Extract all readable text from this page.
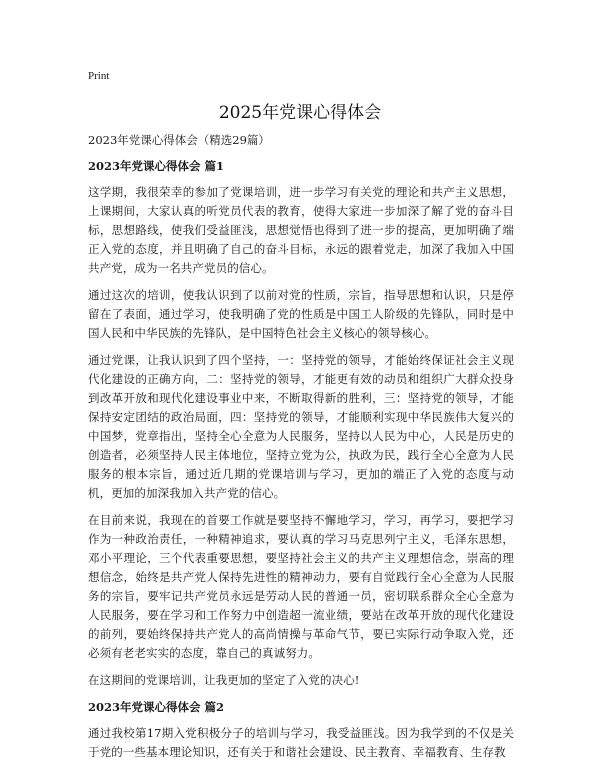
Print
2025年党课心得体会

2023年党课心得体会（精选29篇）

2023年党课心得体会 篇1

这学期，我很荣幸的参加了党课培训，进一步学习有关党的理论和共产主义思想，上课期间，大家认真的听党员代表的教育，使得大家进一步加深了解了党的奋斗目标，思想路线，使我们受益匪浅，思想觉悟也得到了进一步的提高，更加明确了端正入党的态度，并且明确了自己的奋斗目标，永远的跟着党走，加深了我加入中国共产党，成为一名共产党员的信心。

通过这次的培训，使我认识到了以前对党的性质，宗旨，指导思想和认识，只是停留在了表面，通过学习，使我明确了党的性质是中国工人阶级的先锋队，同时是中国人民和中华民族的先锋队，是中国特色社会主义核心的领导核心。

通过党课，让我认识到了四个坚持，一：坚持党的领导，才能始终保证社会主义现代化建设的正确方向，二：坚持党的领导，才能更有效的动员和组织广大群众投身到改革开放和现代化建设事业中来，不断取得新的胜利，三：坚持党的领导，才能保持安定团结的政治局面，四：坚持党的领导，才能顺利实现中华民族伟大复兴的中国梦，党章指出，坚持全心全意为人民服务，坚持以人民为中心，人民是历史的创造者，必须坚持人民主体地位，坚持立党为公，执政为民，践行全心全意为人民服务的根本宗旨，通过近几期的党课培训与学习，更加的端正了入党的态度与动机，更加的加深我加入共产党的信心。

在目前来说，我现在的首要工作就是要坚持不懈地学习，学习，再学习，要把学习作为一种政治责任，一种精神追求，要认真的学习马克思列宁主义，毛泽东思想，邓小平理论，三个代表重要思想，要坚持社会主义的共产主义理想信念，崇高的理想信念，始终是共产党人保持先进性的精神动力，要有自觉践行全心全意为人民服务的宗旨，要牢记共产党员永远是劳动人民的普通一员，密切联系群众全心全意为人民服务，要在学习和工作努力中创造超一流业绩，要站在改革开放的现代化建设的前列，要始终保持共产党人的高尚情操与革命气节，要已实际行动争取入党，还必须有老老实实的态度，靠自己的真诚努力。

在这期间的党课培训，让我更加的坚定了入党的决心!

2023年党课心得体会 篇2

通过我校第17期入党积极分子的培训与学习，我受益匪浅。因为我学到的不仅是关于党的一些基本理论知识，还有关于和谐社会建设、民主教育、幸福教育、生存教
